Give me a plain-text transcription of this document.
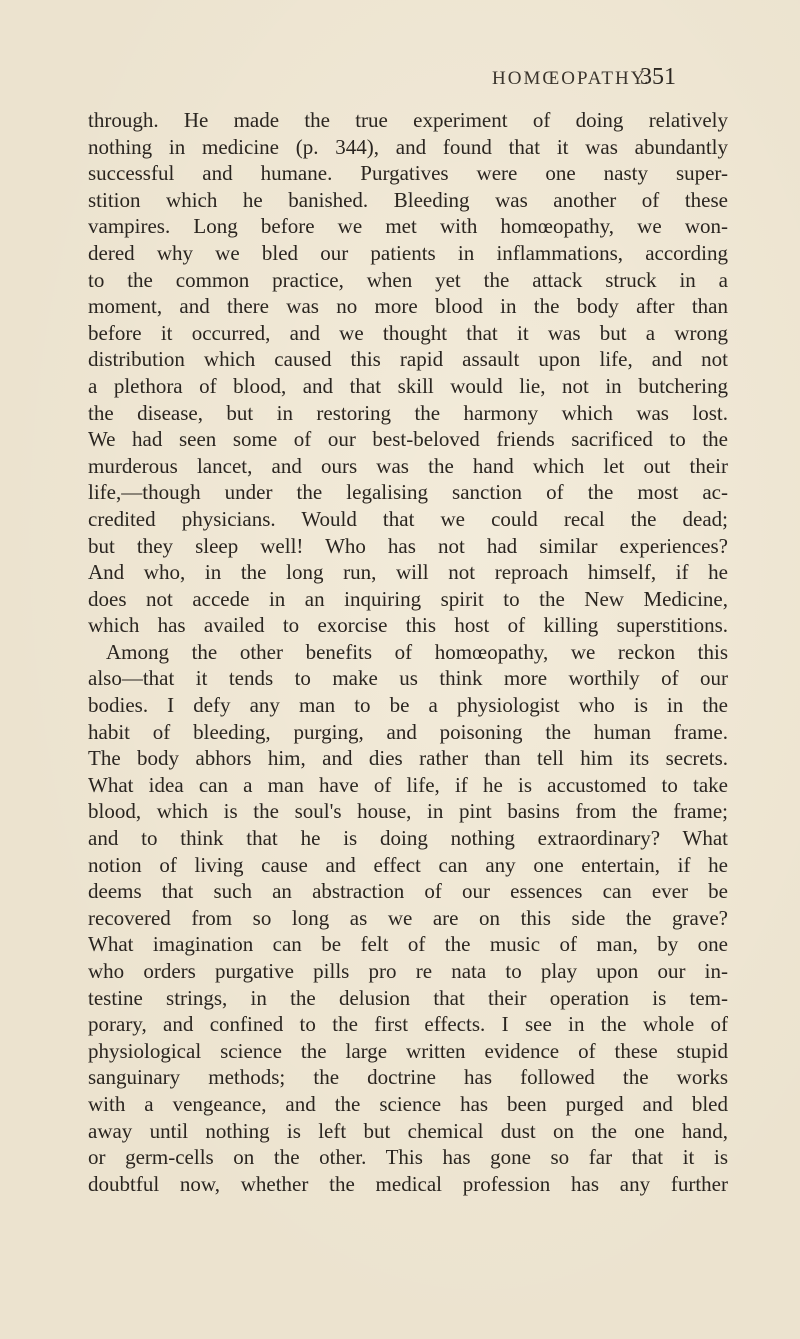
HOMŒOPATHY.
351
through. He made the true experiment of doing relatively
nothing in medicine (p. 344), and found that it was abundantly
successful and humane. Purgatives were one nasty super-
stition which he banished. Bleeding was another of these
vampires. Long before we met with homœopathy, we won-
dered why we bled our patients in inflammations, according
to the common practice, when yet the attack struck in a
moment, and there was no more blood in the body after than
before it occurred, and we thought that it was but a wrong
distribution which caused this rapid assault upon life, and not
a plethora of blood, and that skill would lie, not in butchering
the disease, but in restoring the harmony which was lost.
We had seen some of our best-beloved friends sacrificed to the
murderous lancet, and ours was the hand which let out their
life,—though under the legalising sanction of the most ac-
credited physicians. Would that we could recal the dead;
but they sleep well! Who has not had similar experiences?
And who, in the long run, will not reproach himself, if he
does not accede in an inquiring spirit to the New Medicine,
which has availed to exorcise this host of killing superstitions.
Among the other benefits of homœopathy, we reckon this
also—that it tends to make us think more worthily of our
bodies. I defy any man to be a physiologist who is in the
habit of bleeding, purging, and poisoning the human frame.
The body abhors him, and dies rather than tell him its secrets.
What idea can a man have of life, if he is accustomed to take
blood, which is the soul's house, in pint basins from the frame;
and to think that he is doing nothing extraordinary? What
notion of living cause and effect can any one entertain, if he
deems that such an abstraction of our essences can ever be
recovered from so long as we are on this side the grave?
What imagination can be felt of the music of man, by one
who orders purgative pills pro re nata to play upon our in-
testine strings, in the delusion that their operation is tem-
porary, and confined to the first effects. I see in the whole of
physiological science the large written evidence of these stupid
sanguinary methods; the doctrine has followed the works
with a vengeance, and the science has been purged and bled
away until nothing is left but chemical dust on the one hand,
or germ-cells on the other. This has gone so far that it is
doubtful now, whether the medical profession has any further
